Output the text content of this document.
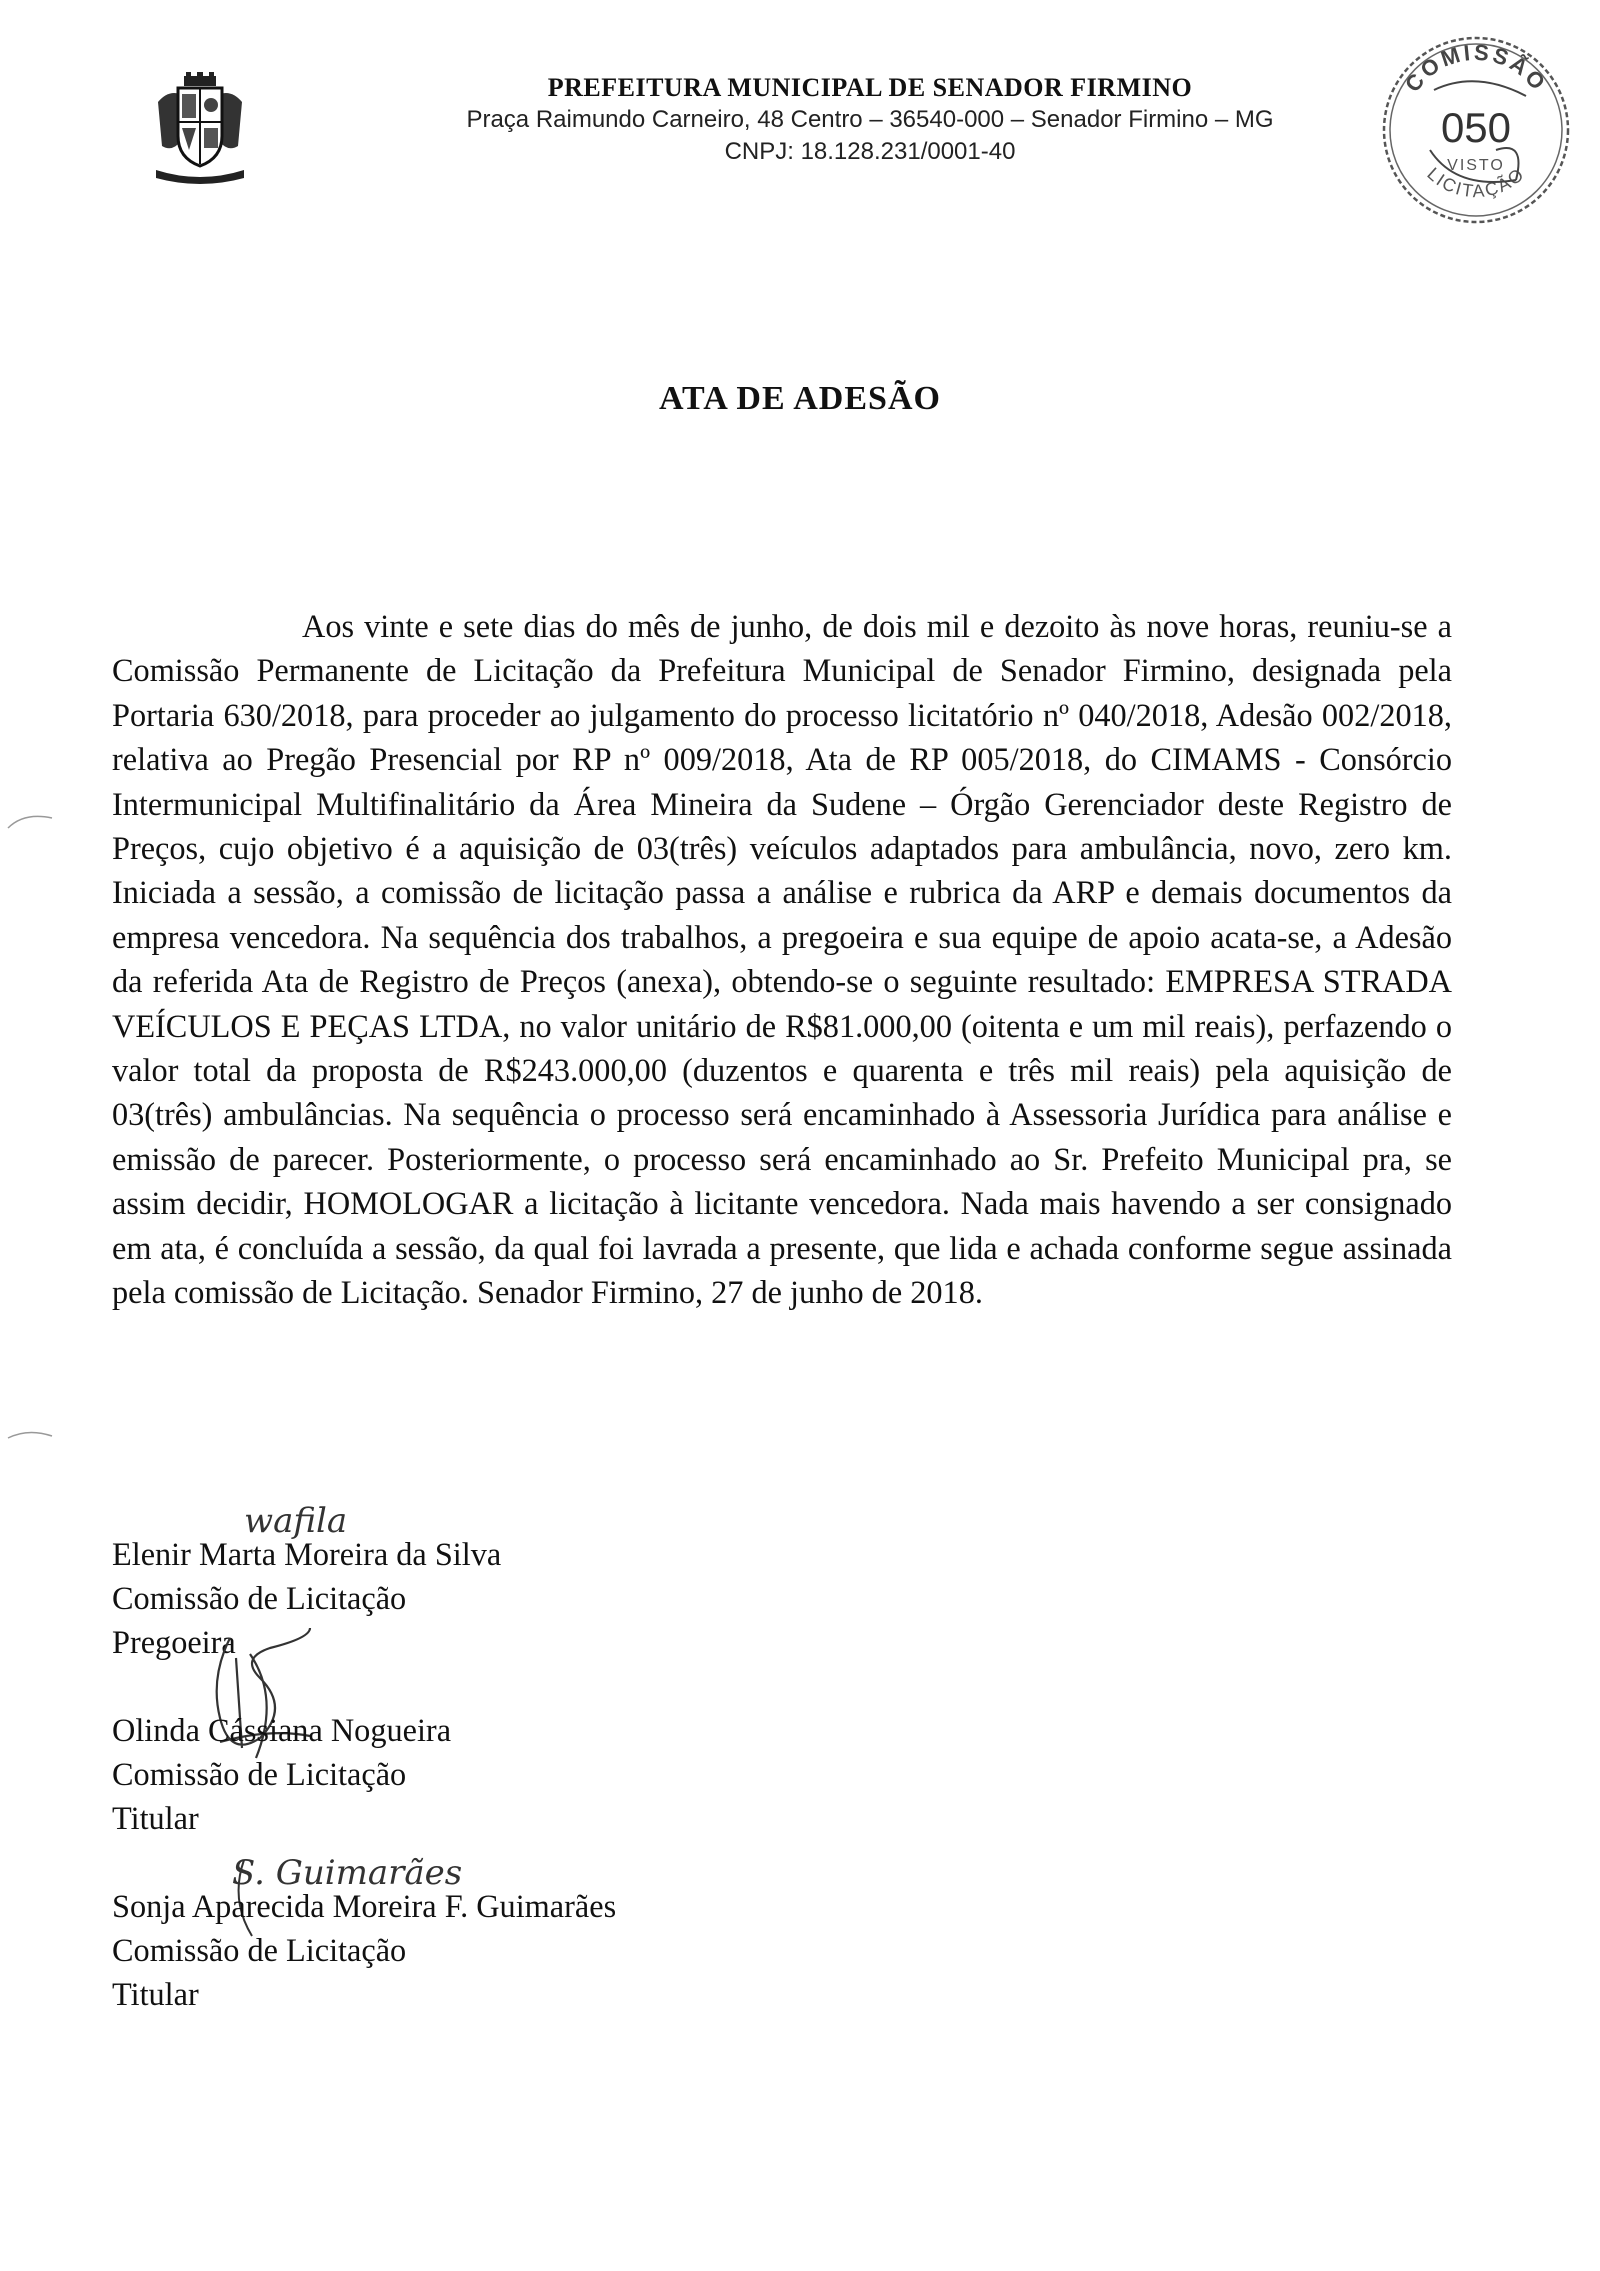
PREFEITURA MUNICIPAL DE SENADOR FIRMINO
Praça Raimundo Carneiro, 48 Centro – 36540-000 – Senador Firmino – MG
CNPJ: 18.128.231/0001-40
COMISSÃO
050
VISTO
LICITAÇÃO
ATA DE ADESÃO

Aos vinte e sete dias do mês de junho, de dois mil e dezoito às nove horas, reuniu-se a Comissão Permanente de Licitação da Prefeitura Municipal de Senador Firmino, designada pela Portaria 630/2018, para proceder ao julgamento do processo licitatório nº 040/2018, Adesão 002/2018, relativa ao Pregão Presencial por RP nº 009/2018, Ata de RP 005/2018, do CIMAMS - Consórcio Intermunicipal Multifinalitário da Área Mineira da Sudene – Órgão Gerenciador deste Registro de Preços, cujo objetivo é a aquisição de 03(três) veículos adaptados para ambulância, novo, zero km. Iniciada a sessão, a comissão de licitação passa a análise e rubrica da ARP e demais documentos da empresa vencedora. Na sequência dos trabalhos, a pregoeira e sua equipe de apoio acata-se, a Adesão da referida Ata de Registro de Preços (anexa), obtendo-se o seguinte resultado: EMPRESA STRADA VEÍCULOS E PEÇAS LTDA, no valor unitário de R$81.000,00 (oitenta e um mil reais), perfazendo o valor total da proposta de R$243.000,00 (duzentos e quarenta e três mil reais) pela aquisição de 03(três) ambulâncias. Na sequência o processo será encaminhado à Assessoria Jurídica para análise e emissão de parecer. Posteriormente, o processo será encaminhado ao Sr. Prefeito Municipal pra, se assim decidir, HOMOLOGAR a licitação à licitante vencedora. Nada mais havendo a ser consignado em ata, é concluída a sessão, da qual foi lavrada a presente, que lida e achada conforme segue assinada pela comissão de Licitação. Senador Firmino, 27 de junho de 2018.

wafila
Elenir Marta Moreira da Silva
Comissão de Licitação
Pregoeira
Olinda Cássiana Nogueira
Comissão de Licitação
Titular
S. Guimarães
Sonja Aparecida Moreira F. Guimarães
Comissão de Licitação
Titular
